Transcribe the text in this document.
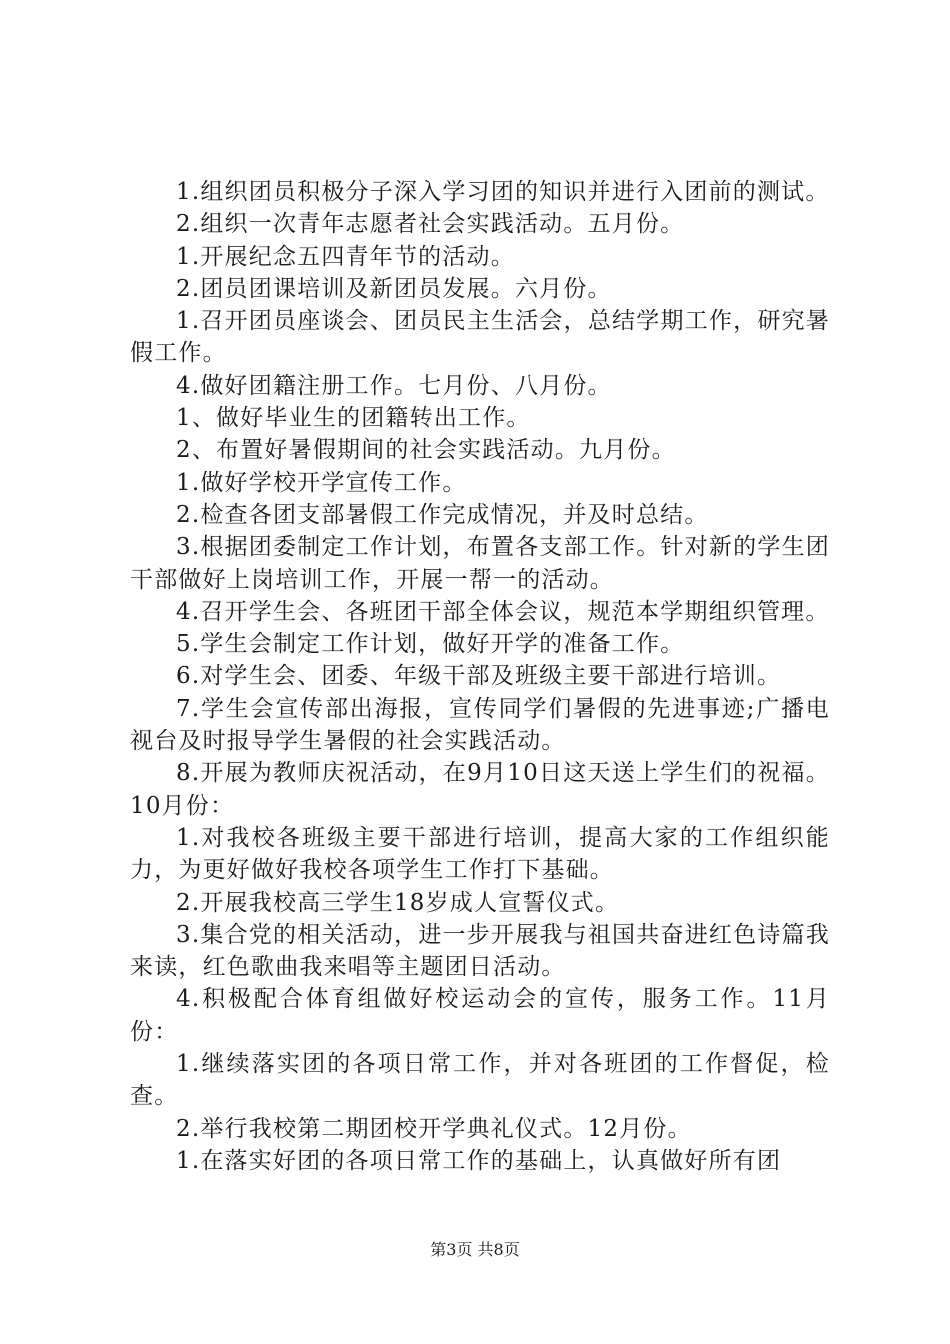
1.组织团员积极分子深入学习团的知识并进行入团前的测试。

2.组织一次青年志愿者社会实践活动。五月份。

1.开展纪念五四青年节的活动。

2.团员团课培训及新团员发展。六月份。

1.召开团员座谈会、团员民主生活会，总结学期工作，研究暑假工作。

4.做好团籍注册工作。七月份、八月份。

1、做好毕业生的团籍转出工作。

2、布置好暑假期间的社会实践活动。九月份。

1.做好学校开学宣传工作。

2.检查各团支部暑假工作完成情况，并及时总结。

3.根据团委制定工作计划，布置各支部工作。针对新的学生团干部做好上岗培训工作，开展一帮一的活动。

4.召开学生会、各班团干部全体会议，规范本学期组织管理。

5.学生会制定工作计划，做好开学的准备工作。

6.对学生会、团委、年级干部及班级主要干部进行培训。

7.学生会宣传部出海报，宣传同学们暑假的先进事迹;广播电视台及时报导学生暑假的社会实践活动。

8.开展为教师庆祝活动，在9月10日这天送上学生们的祝福。10月份：

1.对我校各班级主要干部进行培训，提高大家的工作组织能力，为更好做好我校各项学生工作打下基础。

2.开展我校高三学生18岁成人宣誓仪式。

3.集合党的相关活动，进一步开展我与祖国共奋进红色诗篇我来读，红色歌曲我来唱等主题团日活动。

4.积极配合体育组做好校运动会的宣传，服务工作。11月份：

1.继续落实团的各项日常工作，并对各班团的工作督促，检查。

2.举行我校第二期团校开学典礼仪式。12月份。

1.在落实好团的各项日常工作的基础上，认真做好所有团

第3页 共8页
